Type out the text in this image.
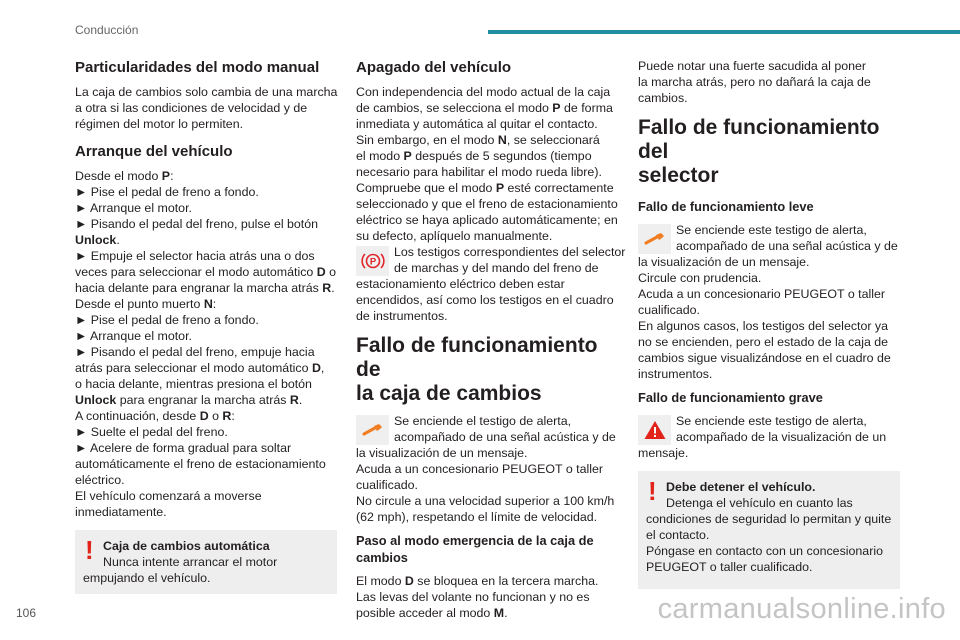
Conducción
Particularidades del modo manual
La caja de cambios solo cambia de una marcha
a otra si las condiciones de velocidad y de
régimen del motor lo permiten.
Arranque del vehículo
Desde el modo P:
► Pise el pedal de freno a fondo.
► Arranque el motor.
► Pisando el pedal del freno, pulse el botón
Unlock.
► Empuje el selector hacia atrás una o dos
veces para seleccionar el modo automático D o
hacia delante para engranar la marcha atrás R.
Desde el punto muerto N:
► Pise el pedal de freno a fondo.
► Arranque el motor.
► Pisando el pedal del freno, empuje hacia
atrás para seleccionar el modo automático D,
o hacia delante, mientras presiona el botón
Unlock para engranar la marcha atrás R.
A continuación, desde D o R:
► Suelte el pedal del freno.
► Acelere de forma gradual para soltar
automáticamente el freno de estacionamiento
eléctrico.
El vehículo comenzará a moverse
inmediatamente.
! Caja de cambios automática
Nunca intente arrancar el motor
empujando el vehículo.
Apagado del vehículo
Con independencia del modo actual de la caja
de cambios, se selecciona el modo P de forma
inmediata y automática al quitar el contacto.
Sin embargo, en el modo N, se seleccionará
el modo P después de 5 segundos (tiempo
necesario para habilitar el modo rueda libre).
Compruebe que el modo P esté correctamente
seleccionado y que el freno de estacionamiento
eléctrico se haya aplicado automáticamente; en
su defecto, aplíquelo manualmente.
P
Los testigos correspondientes del selector
de marchas y del mando del freno de
estacionamiento eléctrico deben estar
encendidos, así como los testigos en el cuadro
de instrumentos.
Fallo de funcionamiento de
la caja de cambios
Se enciende el testigo de alerta,
acompañado de una señal acústica y de
la visualización de un mensaje.
Acuda a un concesionario PEUGEOT o taller
cualificado.
No circule a una velocidad superior a 100 km/h
(62 mph), respetando el límite de velocidad.
Paso al modo emergencia de la caja de
cambios
El modo D se bloquea en la tercera marcha.
Las levas del volante no funcionan y no es
posible acceder al modo M.
Puede notar una fuerte sacudida al poner
la marcha atrás, pero no dañará la caja de
cambios.
Fallo de funcionamiento del
selector
Fallo de funcionamiento leve
Se enciende este testigo de alerta,
acompañado de una señal acústica y de
la visualización de un mensaje.
Circule con prudencia.
Acuda a un concesionario PEUGEOT o taller
cualificado.
En algunos casos, los testigos del selector ya
no se encienden, pero el estado de la caja de
cambios sigue visualizándose en el cuadro de
instrumentos.
Fallo de funcionamiento grave
Se enciende este testigo de alerta,
acompañado de la visualización de un
mensaje.
! Debe detener el vehículo.
Detenga el vehículo en cuanto las
condiciones de seguridad lo permitan y quite
el contacto.
Póngase en contacto con un concesionario
PEUGEOT o taller cualificado.
106	carmanualsonline.info
